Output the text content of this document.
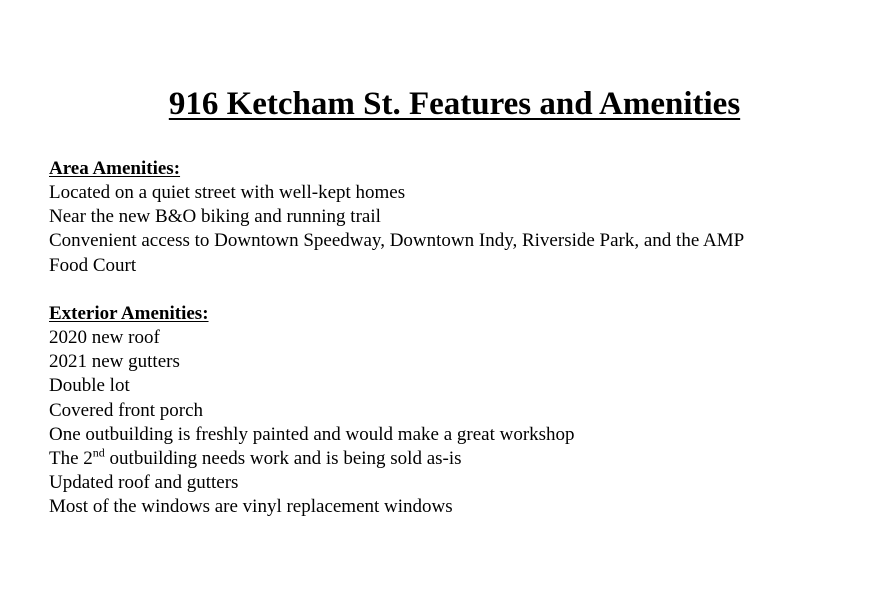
916 Ketcham St. Features and Amenities
Area Amenities:
Located on a quiet street with well-kept homes
Near the new B&O biking and running trail
Convenient access to Downtown Speedway, Downtown Indy, Riverside Park, and the AMP
Food Court
Exterior Amenities:
2020 new roof
2021 new gutters
Double lot
Covered front porch
One outbuilding is freshly painted and would make a great workshop
The 2nd outbuilding needs work and is being sold as-is
Updated roof and gutters
Most of the windows are vinyl replacement windows
